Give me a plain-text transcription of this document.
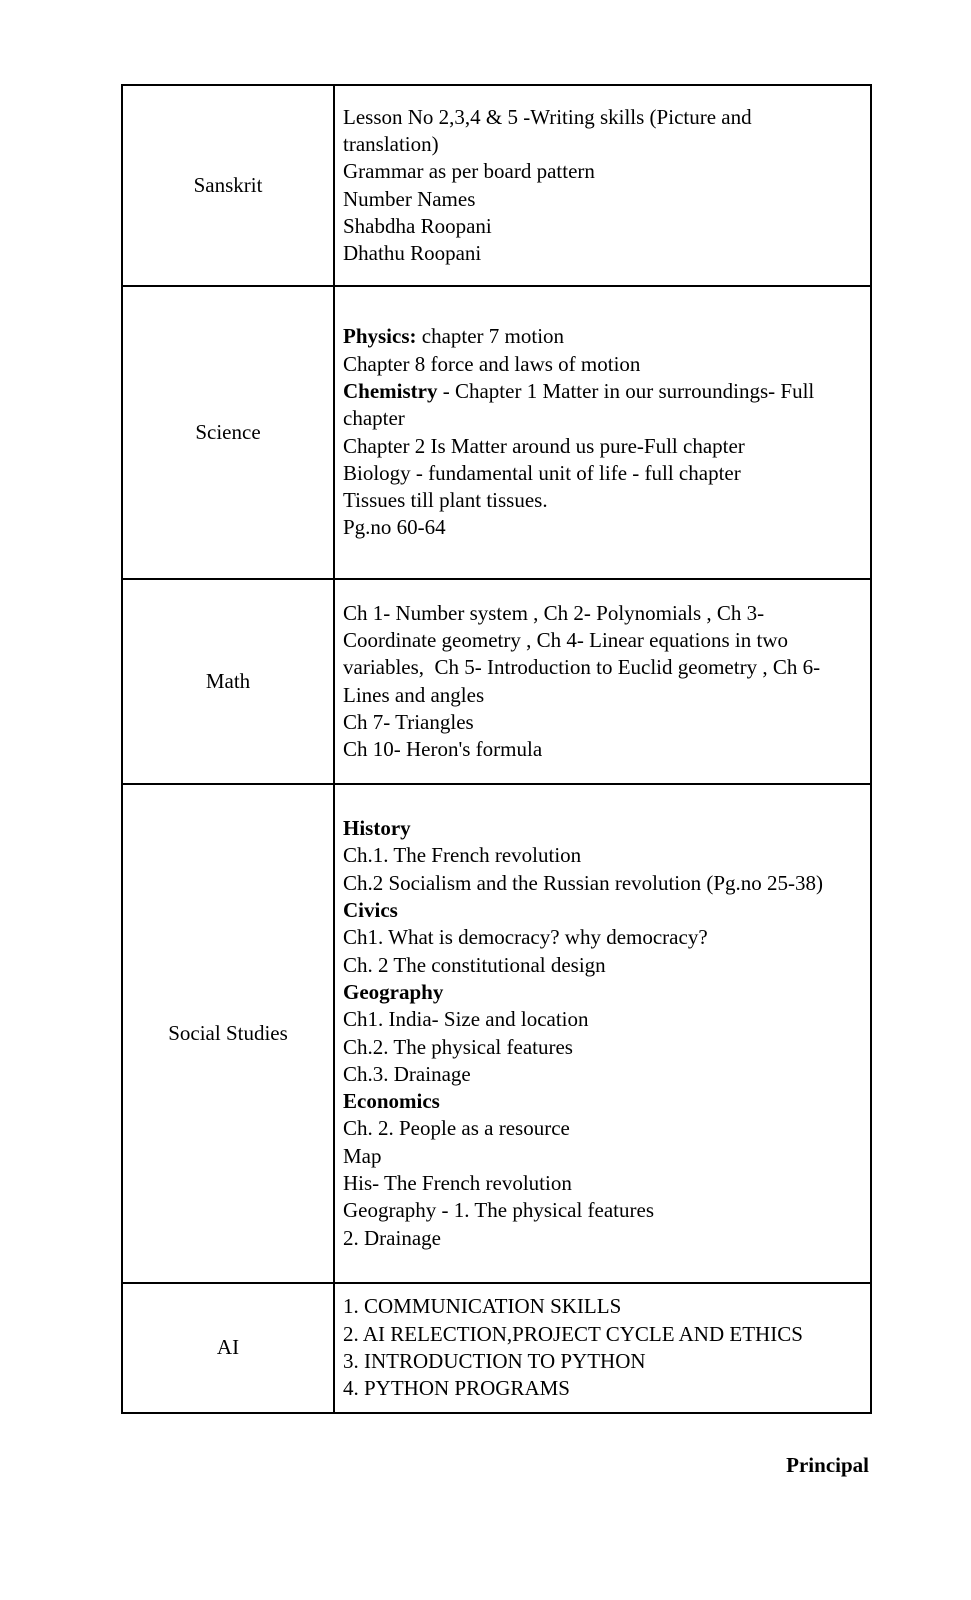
Sanskrit	
Lesson No 2,3,4 & 5 -Writing skills (Picture and
translation)
Grammar as per board pattern
Number Names
Shabdha Roopani
Dhathu Roopani

Science	
Physics: chapter 7 motion
Chapter 8 force and laws of motion
Chemistry - Chapter 1 Matter in our surroundings- Full
chapter
Chapter 2 Is Matter around us pure-Full chapter
Biology - fundamental unit of life - full chapter
Tissues till plant tissues.
Pg.no 60-64

Math	
Ch 1- Number system , Ch 2- Polynomials , Ch 3-
Coordinate geometry , Ch 4- Linear equations in two
variables,  Ch 5- Introduction to Euclid geometry , Ch 6-
Lines and angles
Ch 7- Triangles
Ch 10- Heron's formula

Social Studies	
History
Ch.1. The French revolution
Ch.2 Socialism and the Russian revolution (Pg.no 25-38)
Civics
Ch1. What is democracy? why democracy?
Ch. 2 The constitutional design
Geography
Ch1. India- Size and location
Ch.2. The physical features
Ch.3. Drainage
Economics
Ch. 2. People as a resource
Map
His- The French revolution
Geography - 1. The physical features
2. Drainage

AI	1. COMMUNICATION SKILLS
2. AI RELECTION,PROJECT CYCLE AND ETHICS
3. INTRODUCTION TO PYTHON
4. PYTHON PROGRAMS
Principal
